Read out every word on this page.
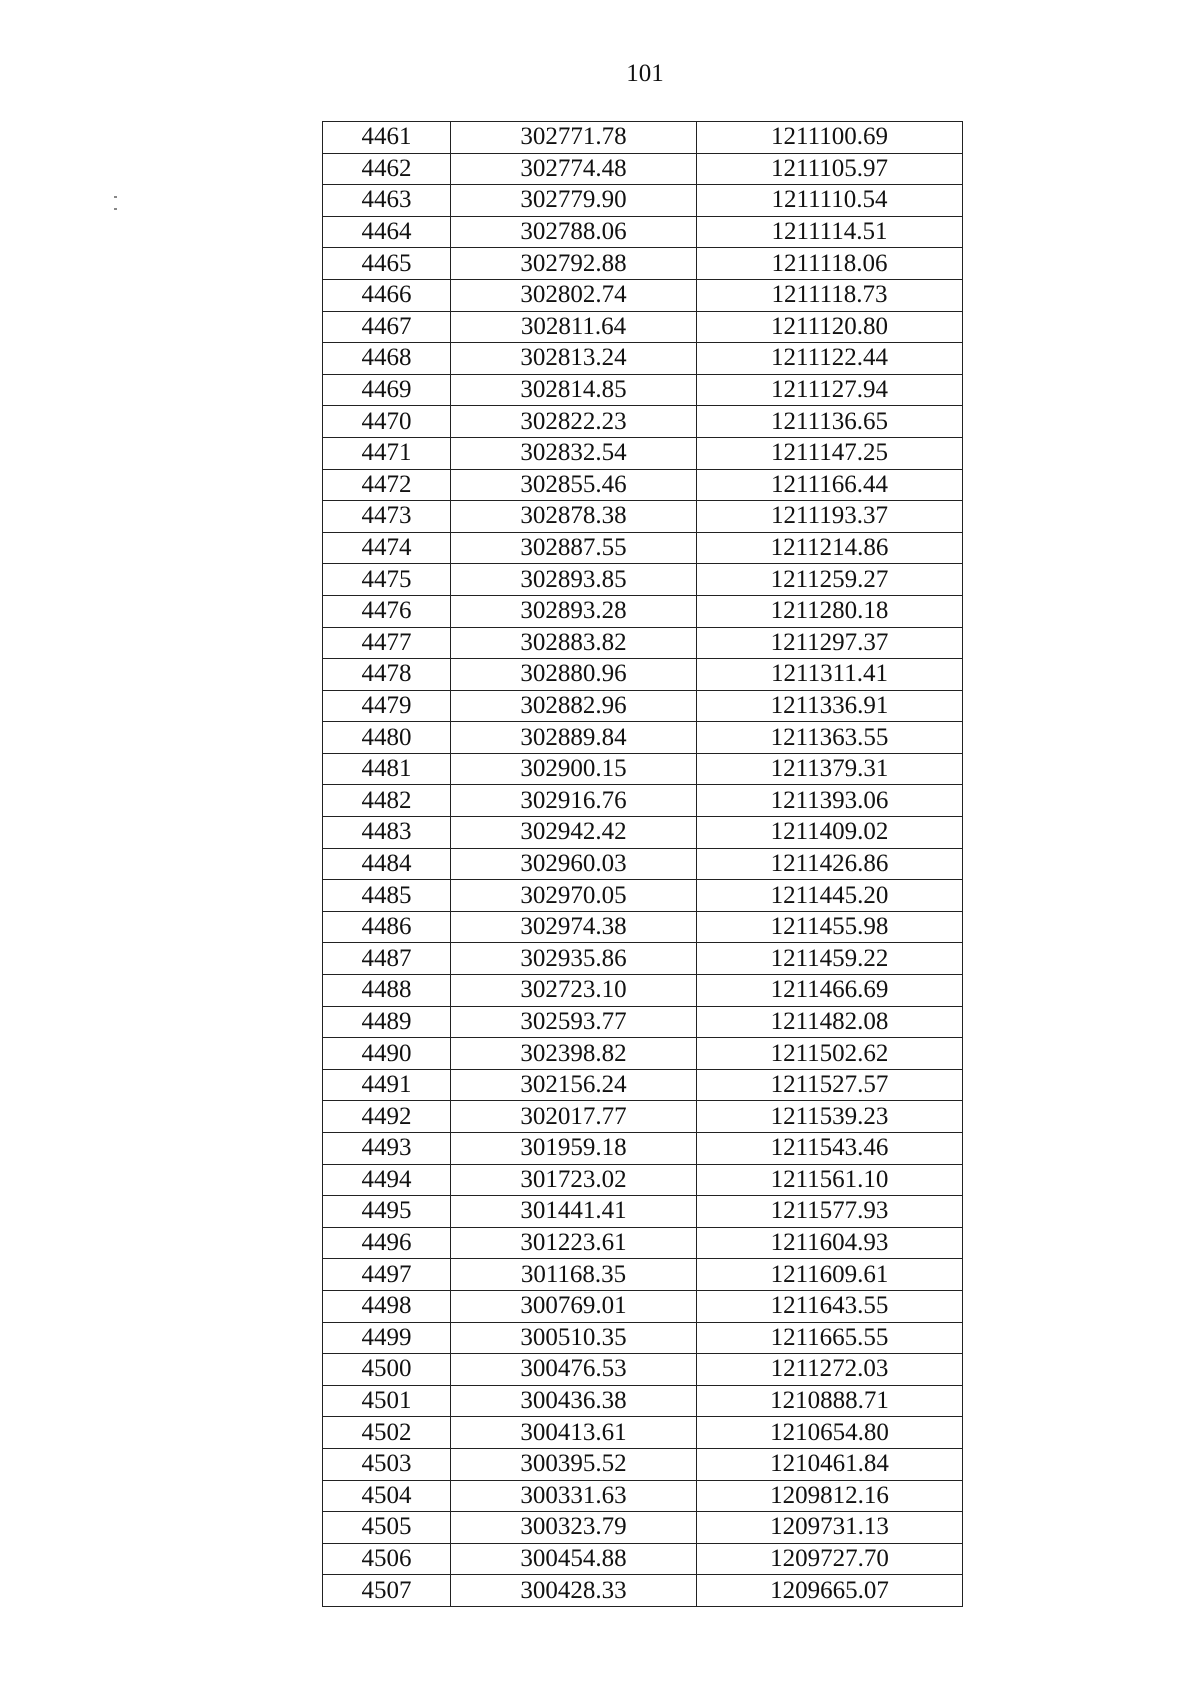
101
4461	302771.78	1211100.69
4462	302774.48	1211105.97
4463	302779.90	1211110.54
4464	302788.06	1211114.51
4465	302792.88	1211118.06
4466	302802.74	1211118.73
4467	302811.64	1211120.80
4468	302813.24	1211122.44
4469	302814.85	1211127.94
4470	302822.23	1211136.65
4471	302832.54	1211147.25
4472	302855.46	1211166.44
4473	302878.38	1211193.37
4474	302887.55	1211214.86
4475	302893.85	1211259.27
4476	302893.28	1211280.18
4477	302883.82	1211297.37
4478	302880.96	1211311.41
4479	302882.96	1211336.91
4480	302889.84	1211363.55
4481	302900.15	1211379.31
4482	302916.76	1211393.06
4483	302942.42	1211409.02
4484	302960.03	1211426.86
4485	302970.05	1211445.20
4486	302974.38	1211455.98
4487	302935.86	1211459.22
4488	302723.10	1211466.69
4489	302593.77	1211482.08
4490	302398.82	1211502.62
4491	302156.24	1211527.57
4492	302017.77	1211539.23
4493	301959.18	1211543.46
4494	301723.02	1211561.10
4495	301441.41	1211577.93
4496	301223.61	1211604.93
4497	301168.35	1211609.61
4498	300769.01	1211643.55
4499	300510.35	1211665.55
4500	300476.53	1211272.03
4501	300436.38	1210888.71
4502	300413.61	1210654.80
4503	300395.52	1210461.84
4504	300331.63	1209812.16
4505	300323.79	1209731.13
4506	300454.88	1209727.70
4507	300428.33	1209665.07
